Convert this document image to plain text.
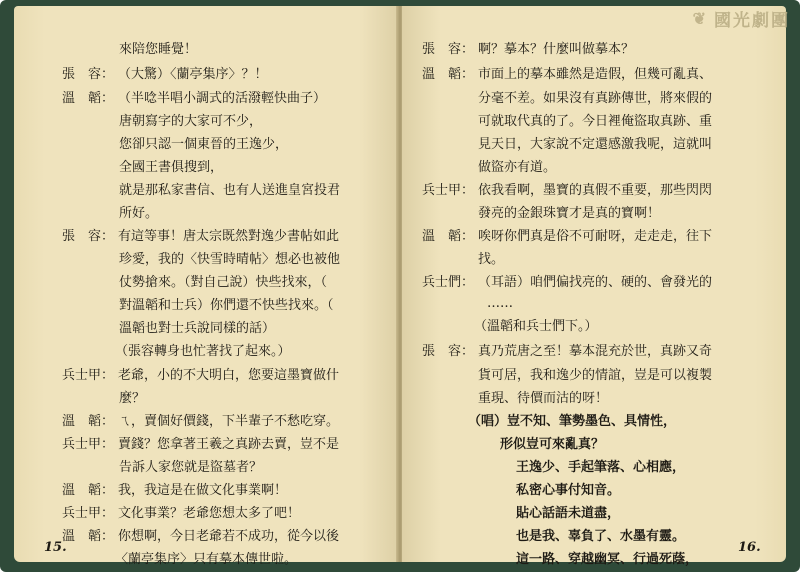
❦ 國光劇團
來陪您睡覺！
張　容： （大驚）〈蘭亭集序〉？！
溫　韜： （半唸半唱小調式的活潑輕快曲子）
唐朝寫字的大家可不少，
您卻只認一個東晉的王逸少，
全國王書俱搜到，
就是那私家書信、也有人送進皇宮投君
所好。
張　容： 有這等事！唐太宗既然對逸少書帖如此
珍愛，我的〈快雪時晴帖〉想必也被他
仗勢搶來。（對自己說）快些找來，（
對溫韜和士兵）你們還不快些找來。（
溫韜也對士兵說同樣的話）
（張容轉身也忙著找了起來。）
兵士甲： 老爺，小的不大明白，您要這墨寶做什
麼？
溫　韜： ㄟ，賣個好價錢，下半輩子不愁吃穿。
兵士甲： 賣錢？您拿著王羲之真跡去賣，豈不是
告訴人家您就是盜墓者？
溫　韜： 我，我這是在做文化事業啊！
兵士甲： 文化事業？老爺您想太多了吧！
溫　韜： 你想啊，今日老爺若不成功，從今以後
〈蘭亭集序〉只有摹本傳世啦。
15.
張　容： 啊？摹本？什麼叫做摹本？
溫　韜： 市面上的摹本雖然是造假，但幾可亂真、
分毫不差。如果沒有真跡傳世，將來假的
可就取代真的了。今日裡俺盜取真跡、重
見天日，大家說不定還感激我呢，這就叫
做盜亦有道。
兵士甲： 依我看啊，墨寶的真假不重要，那些閃閃
發亮的金銀珠寶才是真的寶啊！
溫　韜： 唉呀你們真是俗不可耐呀，走走走，往下
找。
兵士們： （耳語）咱們偏找亮的、硬的、會發光的
……
（溫韜和兵士們下。）
張　容： 真乃荒唐之至！摹本混充於世，真跡又奇
貨可居，我和逸少的情誼，豈是可以複製
重現、待價而沽的呀！
（唱）豈不知、筆勢墨色、具情性，
形似豈可來亂真？
王逸少、手起筆落、心相應，
私密心事付知音。
貼心話語未道盡，
也是我、辜負了、水墨有靈。
這一路、穿越幽冥、行過死蔭，
16.
